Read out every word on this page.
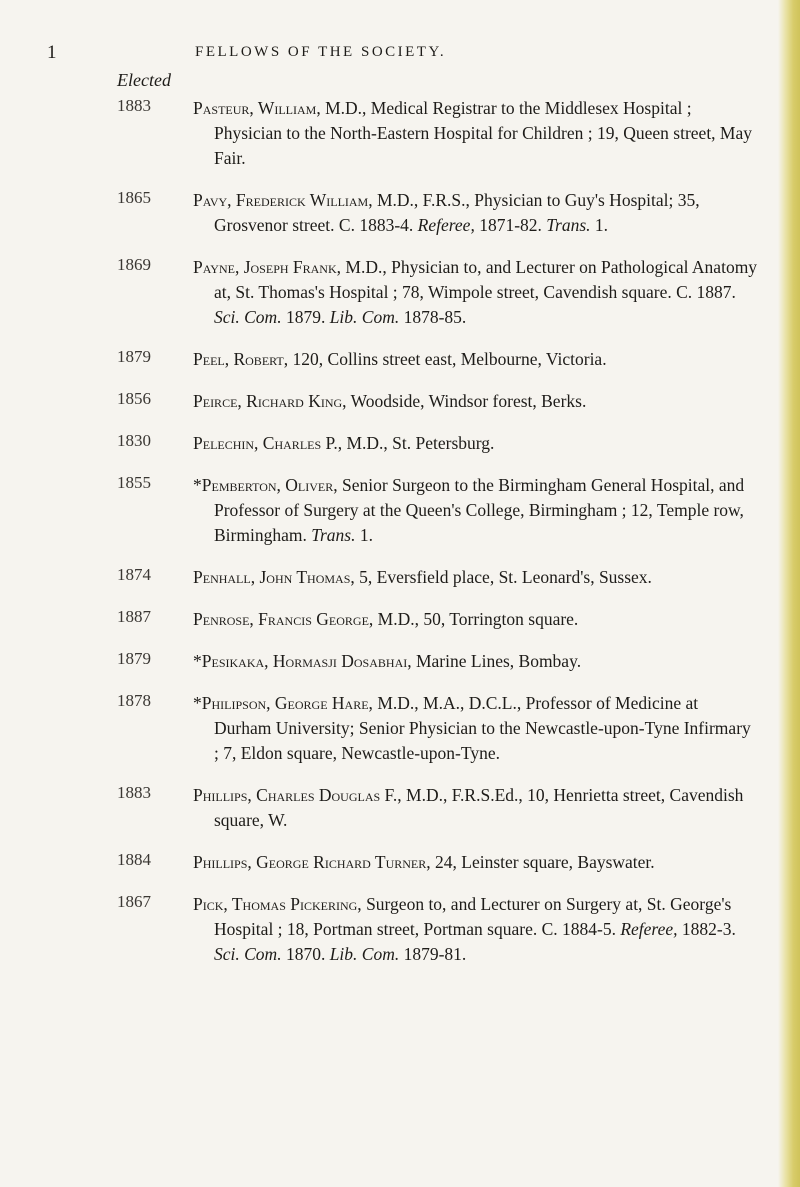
1	FELLOWS OF THE SOCIETY.
Elected
1883 Pasteur, William, M.D., Medical Registrar to the Middlesex Hospital ; Physician to the North-Eastern Hospital for Children ; 19, Queen street, May Fair.
1865 Pavy, Frederick William, M.D., F.R.S., Physician to Guy's Hospital; 35, Grosvenor street. C. 1883-4. Referee, 1871-82. Trans. 1.
1869 Payne, Joseph Frank, M.D., Physician to, and Lecturer on Pathological Anatomy at, St. Thomas's Hospital ; 78, Wimpole street, Cavendish square. C. 1887. Sci. Com. 1879. Lib. Com. 1878-85.
1879 Peel, Robert, 120, Collins street east, Melbourne, Victoria.
1856 Peirce, Richard King, Woodside, Windsor forest, Berks.
1830 Pelechin, Charles P., M.D., St. Petersburg.
1855 *Pemberton, Oliver, Senior Surgeon to the Birmingham General Hospital, and Professor of Surgery at the Queen's College, Birmingham ; 12, Temple row, Birmingham. Trans. 1.
1874 Penhall, John Thomas, 5, Eversfield place, St. Leonard's, Sussex.
1887 Penrose, Francis George, M.D., 50, Torrington square.
1879 *Pesikaka, Hormasji Dosabhai, Marine Lines, Bombay.
1878 *Philipson, George Hare, M.D., M.A., D.C.L., Professor of Medicine at Durham University; Senior Physician to the Newcastle-upon-Tyne Infirmary ; 7, Eldon square, Newcastle-upon-Tyne.
1883 Phillips, Charles Douglas F., M.D., F.R.S.Ed., 10, Henrietta street, Cavendish square, W.
1884 Phillips, George Richard Turner, 24, Leinster square, Bayswater.
1867 Pick, Thomas Pickering, Surgeon to, and Lecturer on Surgery at, St. George's Hospital ; 18, Portman street, Portman square. C. 1884-5. Referee, 1882-3. Sci. Com. 1870. Lib. Com. 1879-81.
